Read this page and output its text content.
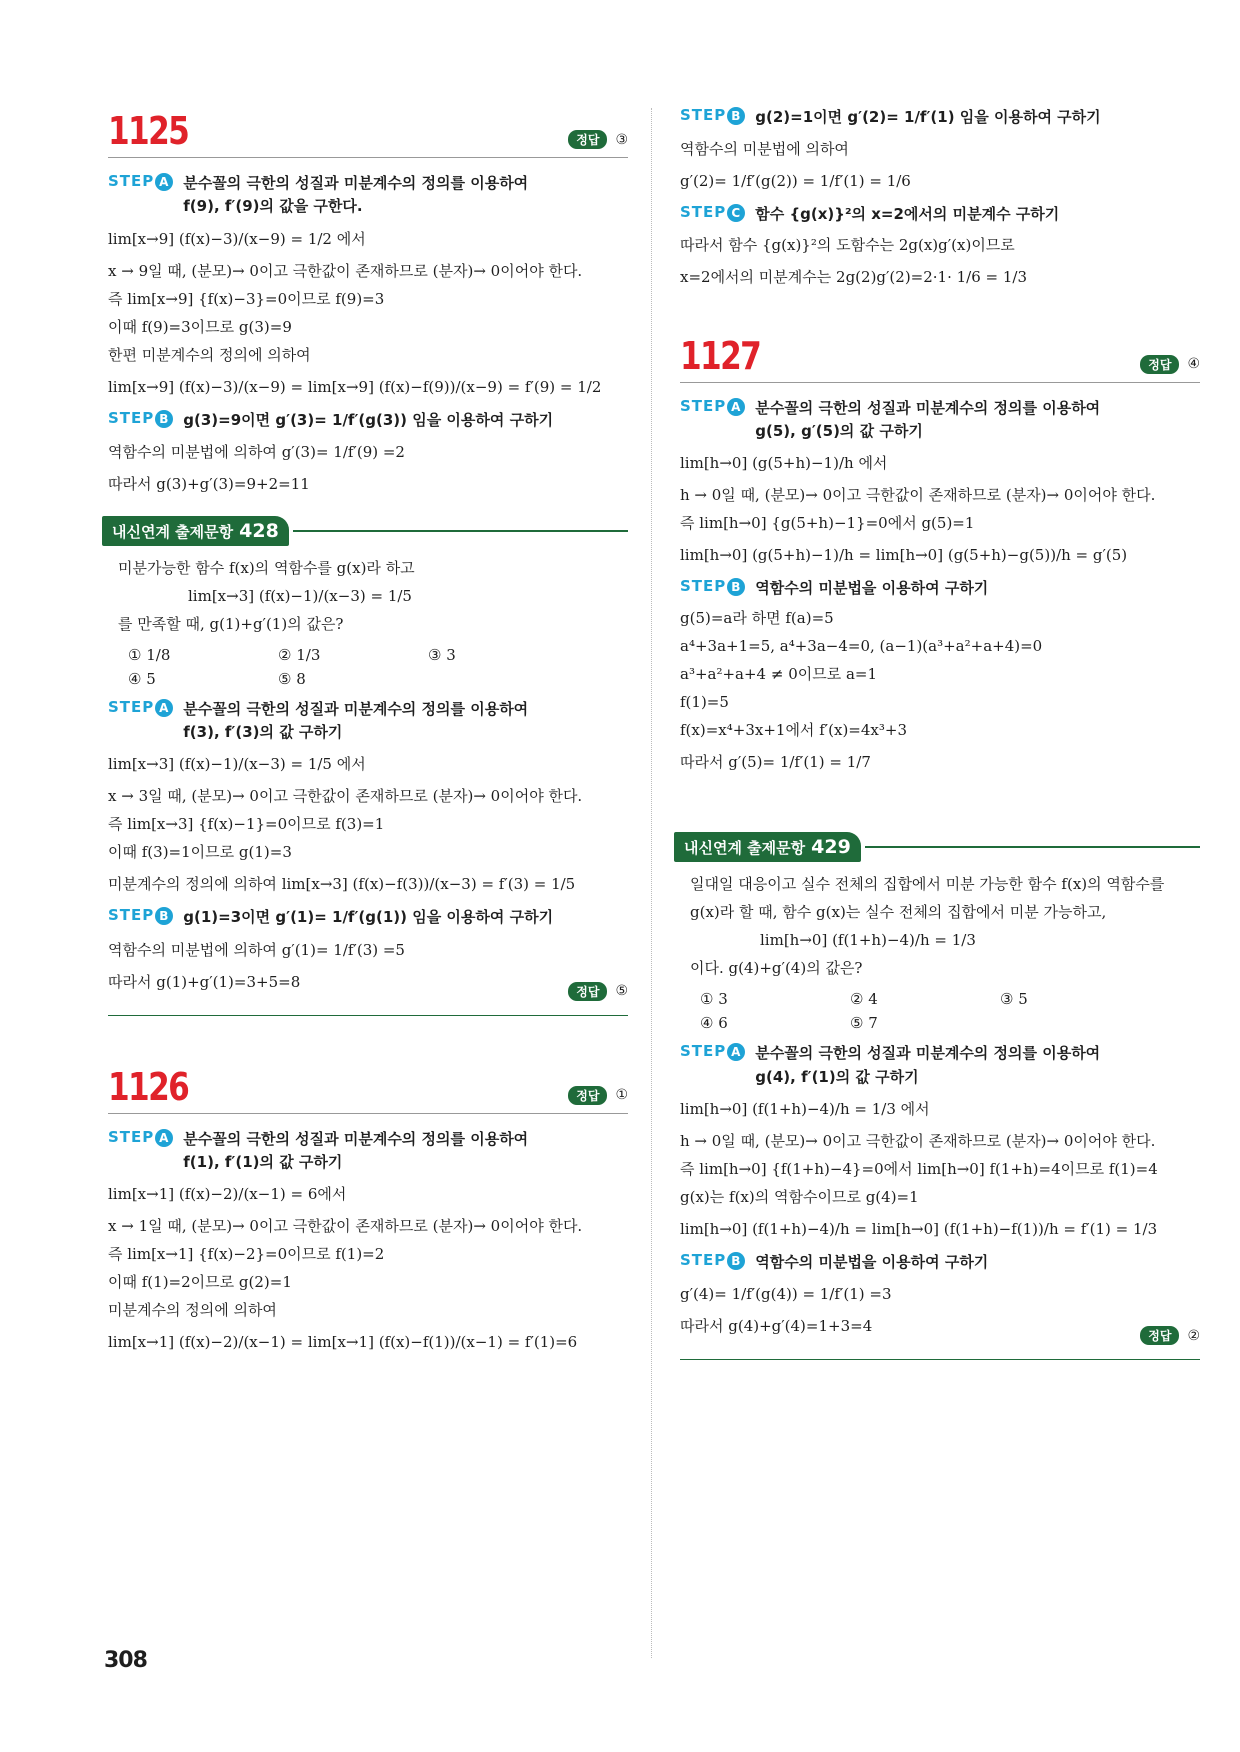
1125	정답	③
STEP A 분수꼴의 극한의 성질과 미분계수의 정의를 이용하여
f(9), f′(9)의 값을 구한다.
lim[x→9] (f(x)−3)/(x−9) = 1/2 에서
x → 9일 때, (분모)→ 0이고 극한값이 존재하므로 (분자)→ 0이어야 한다.
즉 lim[x→9] {f(x)−3}=0이므로 f(9)=3
이때 f(9)=3이므로 g(3)=9
한편 미분계수의 정의에 의하여
lim[x→9] (f(x)−3)/(x−9) = lim[x→9] (f(x)−f(9))/(x−9) = f′(9) = 1/2
STEP B g(3)=9이면 g′(3)= 1/f′(g(3)) 임을 이용하여 구하기
역함수의 미분법에 의하여 g′(3)= 1/f′(9) =2
따라서 g(3)+g′(3)=9+2=11
내신연계 출제문항 428
미분가능한 함수 f(x)의 역함수를 g(x)라 하고
lim[x→3] (f(x)−1)/(x−3) = 1/5
를 만족할 때, g(1)+g′(1)의 값은?
① 1/8	② 1/3	③ 3
④ 5	⑤ 8
STEP A 분수꼴의 극한의 성질과 미분계수의 정의를 이용하여
f(3), f′(3)의 값 구하기
lim[x→3] (f(x)−1)/(x−3) = 1/5 에서
x → 3일 때, (분모)→ 0이고 극한값이 존재하므로 (분자)→ 0이어야 한다.
즉 lim[x→3] {f(x)−1}=0이므로 f(3)=1
이때 f(3)=1이므로 g(1)=3
미분계수의 정의에 의하여 lim[x→3] (f(x)−f(3))/(x−3) = f′(3) = 1/5
STEP B g(1)=3이면 g′(1)= 1/f′(g(1)) 임을 이용하여 구하기
역함수의 미분법에 의하여 g′(1)= 1/f′(3) =5
따라서 g(1)+g′(1)=3+5=8
정답	⑤
1126	정답	①
STEP A 분수꼴의 극한의 성질과 미분계수의 정의를 이용하여
f(1), f′(1)의 값 구하기
lim[x→1] (f(x)−2)/(x−1) = 6에서
x → 1일 때, (분모)→ 0이고 극한값이 존재하므로 (분자)→ 0이어야 한다.
즉 lim[x→1] {f(x)−2}=0이므로 f(1)=2
이때 f(1)=2이므로 g(2)=1
미분계수의 정의에 의하여
lim[x→1] (f(x)−2)/(x−1) = lim[x→1] (f(x)−f(1))/(x−1) = f′(1)=6
STEP B g(2)=1이면 g′(2)= 1/f′(1) 임을 이용하여 구하기
역함수의 미분법에 의하여
g′(2)= 1/f′(g(2)) = 1/f′(1) = 1/6
STEP C 함수 {g(x)}²의 x=2에서의 미분계수 구하기
따라서 함수 {g(x)}²의 도함수는 2g(x)g′(x)이므로
x=2에서의 미분계수는 2g(2)g′(2)=2·1· 1/6 = 1/3
1127	정답	④
STEP A 분수꼴의 극한의 성질과 미분계수의 정의를 이용하여
g(5), g′(5)의 값 구하기
lim[h→0] (g(5+h)−1)/h 에서
h → 0일 때, (분모)→ 0이고 극한값이 존재하므로 (분자)→ 0이어야 한다.
즉 lim[h→0] {g(5+h)−1}=0에서 g(5)=1
lim[h→0] (g(5+h)−1)/h = lim[h→0] (g(5+h)−g(5))/h = g′(5)
STEP B 역함수의 미분법을 이용하여 구하기
g(5)=a라 하면 f(a)=5
a⁴+3a+1=5, a⁴+3a−4=0, (a−1)(a³+a²+a+4)=0
a³+a²+a+4 ≠ 0이므로 a=1
f(1)=5
f(x)=x⁴+3x+1에서 f′(x)=4x³+3
따라서 g′(5)= 1/f′(1) = 1/7
내신연계 출제문항 429
일대일 대응이고 실수 전체의 집합에서 미분 가능한 함수 f(x)의 역함수를
g(x)라 할 때, 함수 g(x)는 실수 전체의 집합에서 미분 가능하고,
lim[h→0] (f(1+h)−4)/h = 1/3
이다. g(4)+g′(4)의 값은?
① 3	② 4	③ 5
④ 6	⑤ 7
STEP A 분수꼴의 극한의 성질과 미분계수의 정의를 이용하여
g(4), f′(1)의 값 구하기
lim[h→0] (f(1+h)−4)/h = 1/3 에서
h → 0일 때, (분모)→ 0이고 극한값이 존재하므로 (분자)→ 0이어야 한다.
즉 lim[h→0] {f(1+h)−4}=0에서 lim[h→0] f(1+h)=4이므로 f(1)=4
g(x)는 f(x)의 역함수이므로 g(4)=1
lim[h→0] (f(1+h)−4)/h = lim[h→0] (f(1+h)−f(1))/h = f′(1) = 1/3
STEP B 역함수의 미분법을 이용하여 구하기
g′(4)= 1/f′(g(4)) = 1/f′(1) =3
따라서 g(4)+g′(4)=1+3=4
정답	②
308
